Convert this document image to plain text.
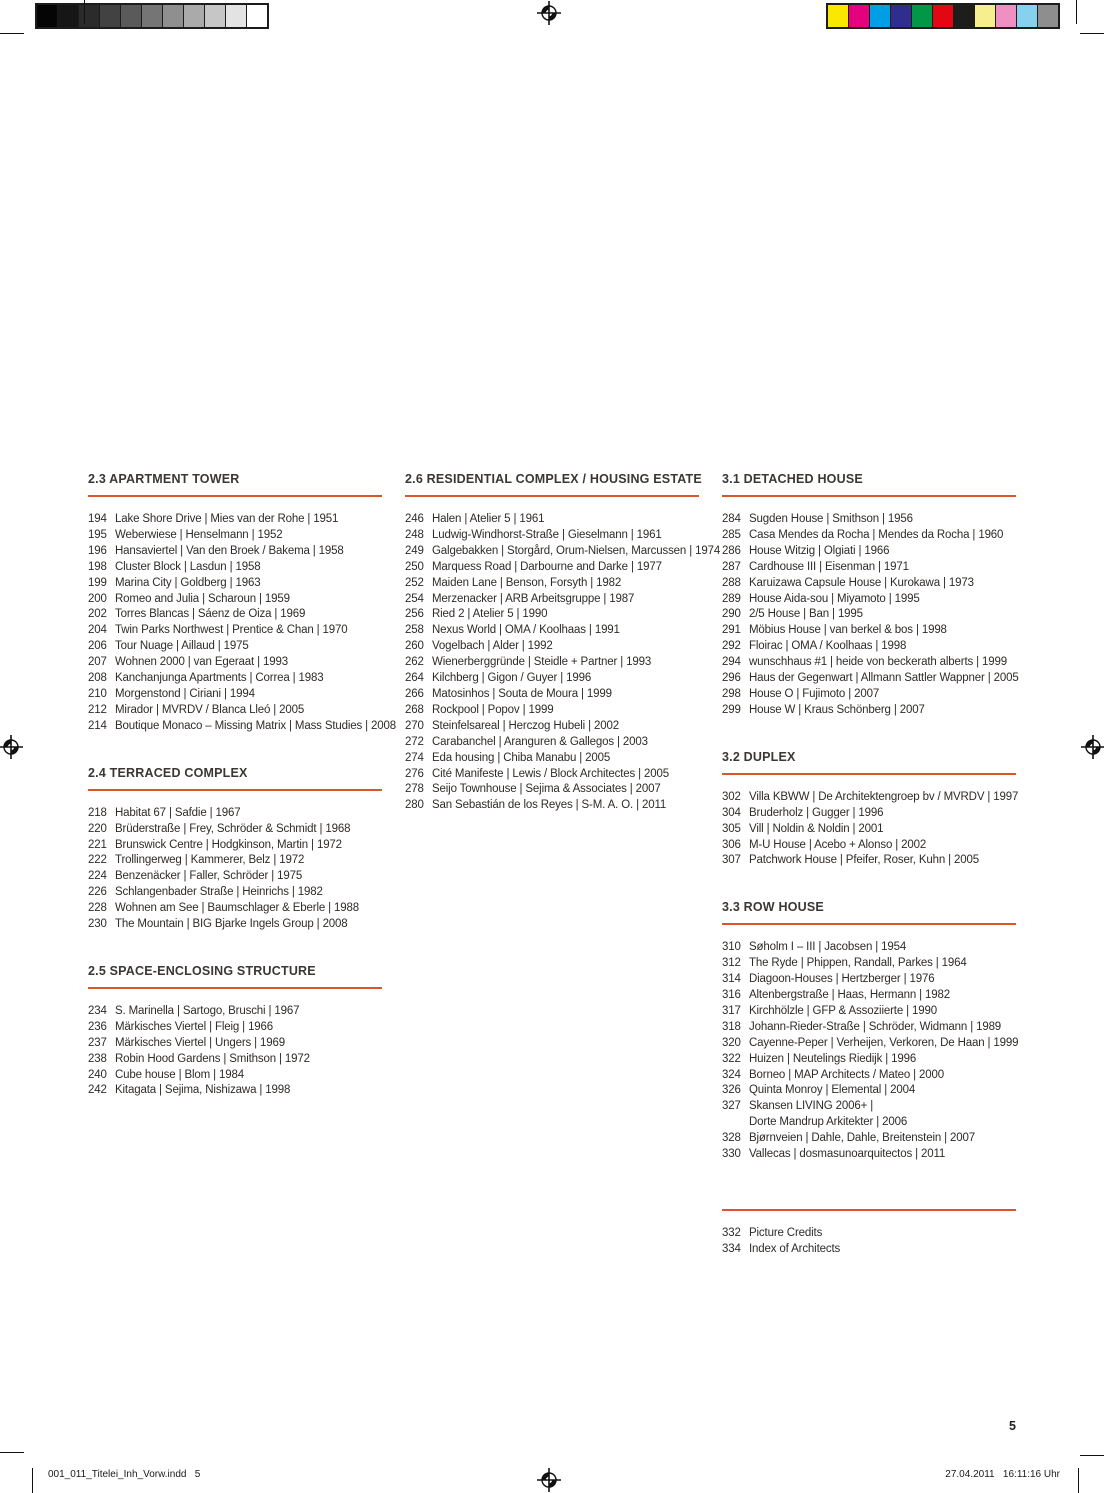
2.3 APARTMENT TOWER
194 Lake Shore Drive | Mies van der Rohe | 1951
195 Weberwiese | Henselmann | 1952
196 Hansaviertel | Van den Broek / Bakema | 1958
198 Cluster Block | Lasdun | 1958
199 Marina City | Goldberg | 1963
200 Romeo and Julia | Scharoun | 1959
202 Torres Blancas | Sáenz de Oiza | 1969
204 Twin Parks Northwest | Prentice & Chan | 1970
206 Tour Nuage | Aillaud | 1975
207 Wohnen 2000 | van Egeraat | 1993
208 Kanchanjunga Apartments | Correa | 1983
210 Morgenstond | Ciriani | 1994
212 Mirador | MVRDV / Blanca Lleó | 2005
214 Boutique Monaco – Missing Matrix | Mass Studies | 2008
2.4 TERRACED COMPLEX
218 Habitat 67 | Safdie | 1967
220 Brüderstraße | Frey, Schröder & Schmidt | 1968
221 Brunswick Centre | Hodgkinson, Martin | 1972
222 Trollingerweg | Kammerer, Belz | 1972
224 Benzenäcker | Faller, Schröder | 1975
226 Schlangenbader Straße | Heinrichs | 1982
228 Wohnen am See | Baumschlager & Eberle | 1988
230 The Mountain | BIG Bjarke Ingels Group | 2008
2.5 SPACE-ENCLOSING STRUCTURE
234 S. Marinella | Sartogo, Bruschi | 1967
236 Märkisches Viertel | Fleig | 1966
237 Märkisches Viertel | Ungers | 1969
238 Robin Hood Gardens | Smithson | 1972
240 Cube house | Blom | 1984
242 Kitagata | Sejima, Nishizawa | 1998
2.6 RESIDENTIAL COMPLEX / HOUSING ESTATE
246 Halen | Atelier 5 | 1961
248 Ludwig-Windhorst-Straße | Gieselmann | 1961
249 Galgebakken | Storgård, Orum-Nielsen, Marcussen | 1974
250 Marquess Road | Darbourne and Darke | 1977
252 Maiden Lane | Benson, Forsyth | 1982
254 Merzenacker | ARB Arbeitsgruppe | 1987
256 Ried 2 | Atelier 5 | 1990
258 Nexus World | OMA / Koolhaas | 1991
260 Vogelbach | Alder | 1992
262 Wienerberggründe | Steidle + Partner | 1993
264 Kilchberg | Gigon / Guyer | 1996
266 Matosinhos | Souta de Moura | 1999
268 Rockpool | Popov | 1999
270 Steinfelsareal | Herczog Hubeli | 2002
272 Carabanchel | Aranguren & Gallegos | 2003
274 Eda housing | Chiba Manabu | 2005
276 Cité Manifeste | Lewis / Block Architectes | 2005
278 Seijo Townhouse | Sejima & Associates | 2007
280 San Sebastián de los Reyes | S-M. A. O. | 2011
3.1 DETACHED HOUSE
284 Sugden House | Smithson | 1956
285 Casa Mendes da Rocha | Mendes da Rocha | 1960
286 House Witzig | Olgiati | 1966
287 Cardhouse III | Eisenman | 1971
288 Karuizawa Capsule House | Kurokawa | 1973
289 House Aida-sou | Miyamoto | 1995
290 2/5 House | Ban | 1995
291 Möbius House | van berkel & bos | 1998
292 Floirac | OMA / Koolhaas | 1998
294 wunschhaus #1 | heide von beckerath alberts | 1999
296 Haus der Gegenwart | Allmann Sattler Wappner | 2005
298 House O | Fujimoto | 2007
299 House W | Kraus Schönberg | 2007
3.2 DUPLEX
302 Villa KBWW | De Architektengroep bv / MVRDV | 1997
304 Bruderholz | Gugger | 1996
305 Vill | Noldin & Noldin | 2001
306 M-U House | Acebo + Alonso | 2002
307 Patchwork House | Pfeifer, Roser, Kuhn | 2005
3.3 ROW HOUSE
310 Søholm I – III | Jacobsen | 1954
312 The Ryde | Phippen, Randall, Parkes | 1964
314 Diagoon-Houses | Hertzberger | 1976
316 Altenbergstraße | Haas, Hermann | 1982
317 Kirchhölzle | GFP & Assoziierte | 1990
318 Johann-Rieder-Straße | Schröder, Widmann | 1989
320 Cayenne-Peper | Verheijen, Verkoren, De Haan | 1999
322 Huizen | Neutelings Riedijk | 1996
324 Borneo | MAP Architects / Mateo | 2000
326 Quinta Monroy | Elemental | 2004
327 Skansen LIVING 2006+ |
Dorte Mandrup Arkitekter | 2006
328 Bjørnveien | Dahle, Dahle, Breitenstein | 2007
330 Vallecas | dosmasunoarquitectos | 2011
332 Picture Credits
334 Index of Architects
5
001_011_Titelei_Inh_Vorw.indd   5	27.04.2011   16:11:16 Uhr
